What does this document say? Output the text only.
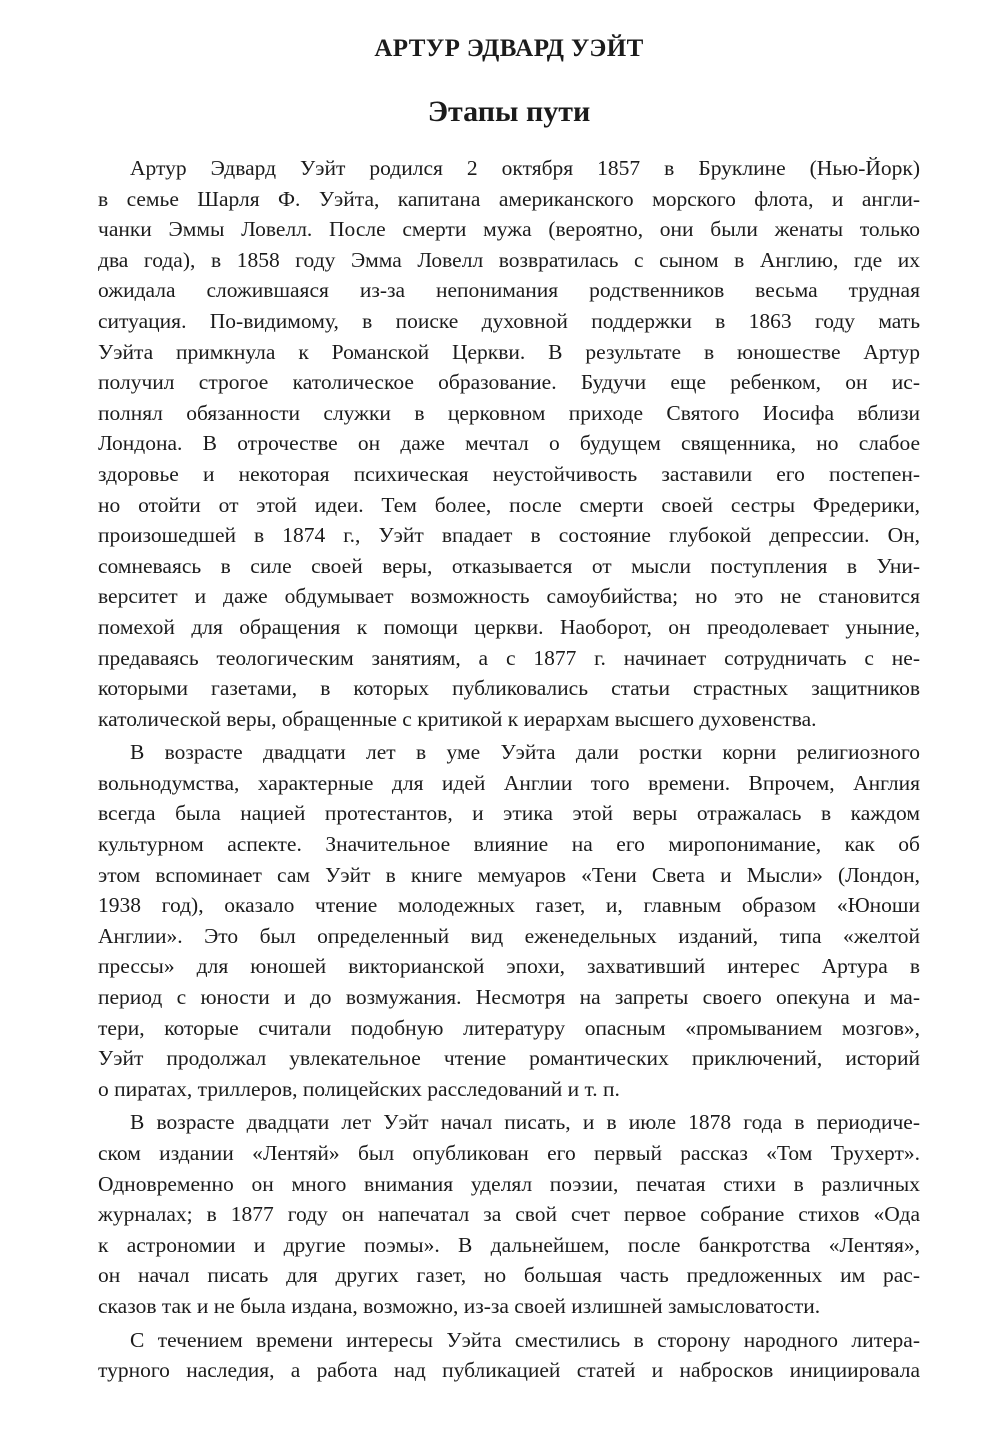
АРТУР ЭДВАРД УЭЙТ
Этапы пути

Артур Эдвард Уэйт родился 2 октября 1857 в Бруклине (Нью-Йорк)
в семье Шарля Ф. Уэйта, капитана американского морского флота, и англи-
чанки Эммы Ловелл. После смерти мужа (вероятно, они были женаты только
два года), в 1858 году Эмма Ловелл возвратилась с сыном в Англию, где их
ожидала сложившаяся из-за непонимания родственников весьма трудная
ситуация. По-видимому, в поиске духовной поддержки в 1863 году мать
Уэйта примкнула к Романской Церкви. В результате в юношестве Артур
получил строгое католическое образование. Будучи еще ребенком, он ис-
полнял обязанности служки в церковном приходе Святого Иосифа вблизи
Лондона. В отрочестве он даже мечтал о будущем священника, но слабое
здоровье и некоторая психическая неустойчивость заставили его постепен-
но отойти от этой идеи. Тем более, после смерти своей сестры Фредерики,
произошедшей в 1874 г., Уэйт впадает в состояние глубокой депрессии. Он,
сомневаясь в силе своей веры, отказывается от мысли поступления в Уни-
верситет и даже обдумывает возможность самоубийства; но это не становится
помехой для обращения к помощи церкви. Наоборот, он преодолевает уныние,
предаваясь теологическим занятиям, а с 1877 г. начинает сотрудничать с не-
которыми газетами, в которых публиковались статьи страстных защитников
католической веры, обращенные с критикой к иерархам высшего духовенства.

В возрасте двадцати лет в уме Уэйта дали ростки корни религиозного
вольнодумства, характерные для идей Англии того времени. Впрочем, Англия
всегда была нацией протестантов, и этика этой веры отражалась в каждом
культурном аспекте. Значительное влияние на его миропонимание, как об
этом вспоминает сам Уэйт в книге мемуаров «Тени Света и Мысли» (Лондон,
1938 год), оказало чтение молодежных газет, и, главным образом «Юноши
Англии». Это был определенный вид еженедельных изданий, типа «желтой
прессы» для юношей викторианской эпохи, захвативший интерес Артура в
период с юности и до возмужания. Несмотря на запреты своего опекуна и ма-
тери, которые считали подобную литературу опасным «промыванием мозгов»,
Уэйт продолжал увлекательное чтение романтических приключений, историй
о пиратах, триллеров, полицейских расследований и т. п.

В возрасте двадцати лет Уэйт начал писать, и в июле 1878 года в периодиче-
ском издании «Лентяй» был опубликован его первый рассказ «Том Трухерт».
Одновременно он много внимания уделял поэзии, печатая стихи в различных
журналах; в 1877 году он напечатал за свой счет первое собрание стихов «Ода
к астрономии и другие поэмы». В дальнейшем, после банкротства «Лентяя»,
он начал писать для других газет, но большая часть предложенных им рас-
сказов так и не была издана, возможно, из-за своей излишней замысловатости.

С течением времени интересы Уэйта сместились в сторону народного литера-
турного наследия, а работа над публикацией статей и набросков инициировала
